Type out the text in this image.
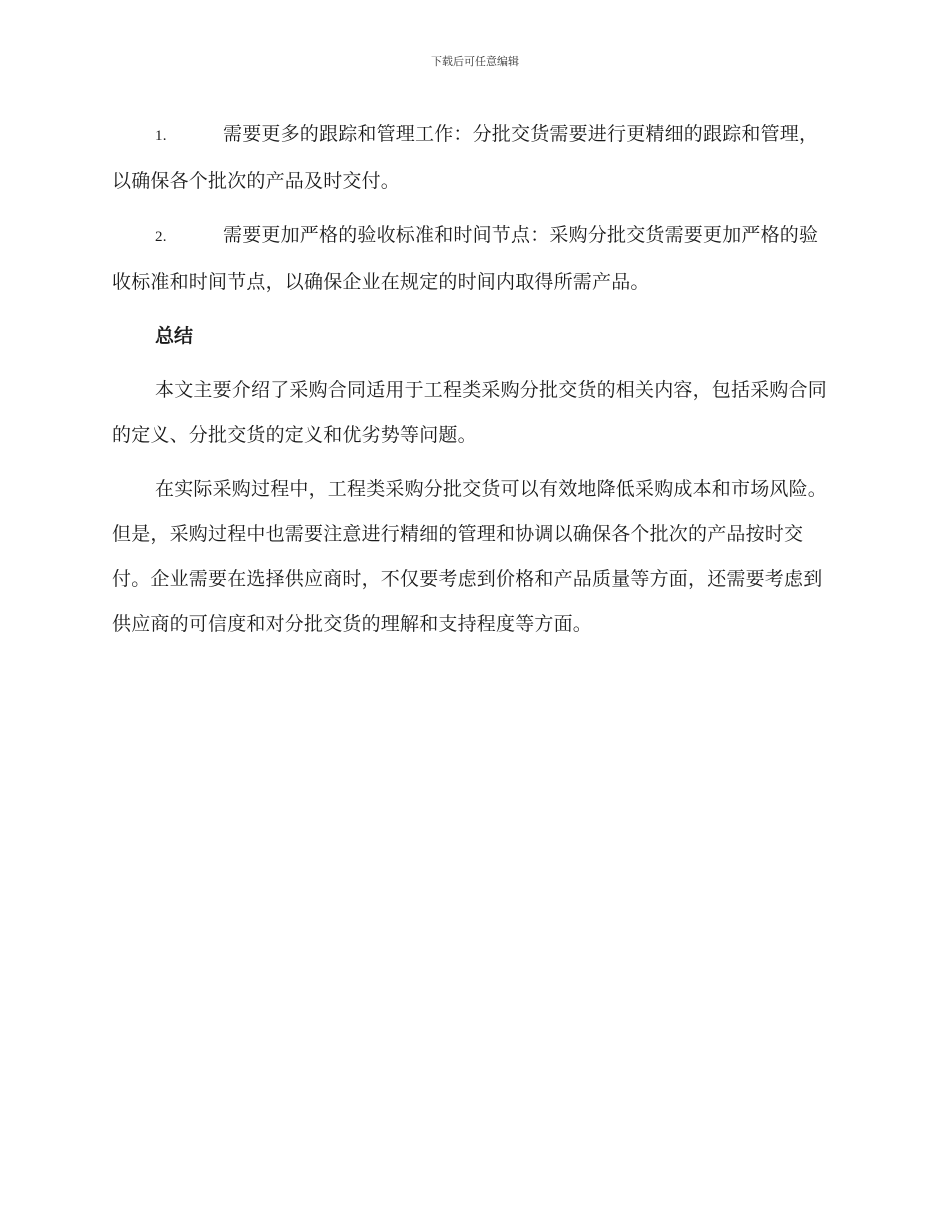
下载后可任意编辑

1.	需要更多的跟踪和管理工作：分批交货需要进行更精细的跟踪和管理，以确保各个批次的产品及时交付。

2.	需要更加严格的验收标准和时间节点：采购分批交货需要更加严格的验收标准和时间节点，以确保企业在规定的时间内取得所需产品。

总结

本文主要介绍了采购合同适用于工程类采购分批交货的相关内容，包括采购合同的定义、分批交货的定义和优劣势等问题。

在实际采购过程中，工程类采购分批交货可以有效地降低采购成本和市场风险。但是，采购过程中也需要注意进行精细的管理和协调以确保各个批次的产品按时交付。企业需要在选择供应商时，不仅要考虑到价格和产品质量等方面，还需要考虑到供应商的可信度和对分批交货的理解和支持程度等方面。
